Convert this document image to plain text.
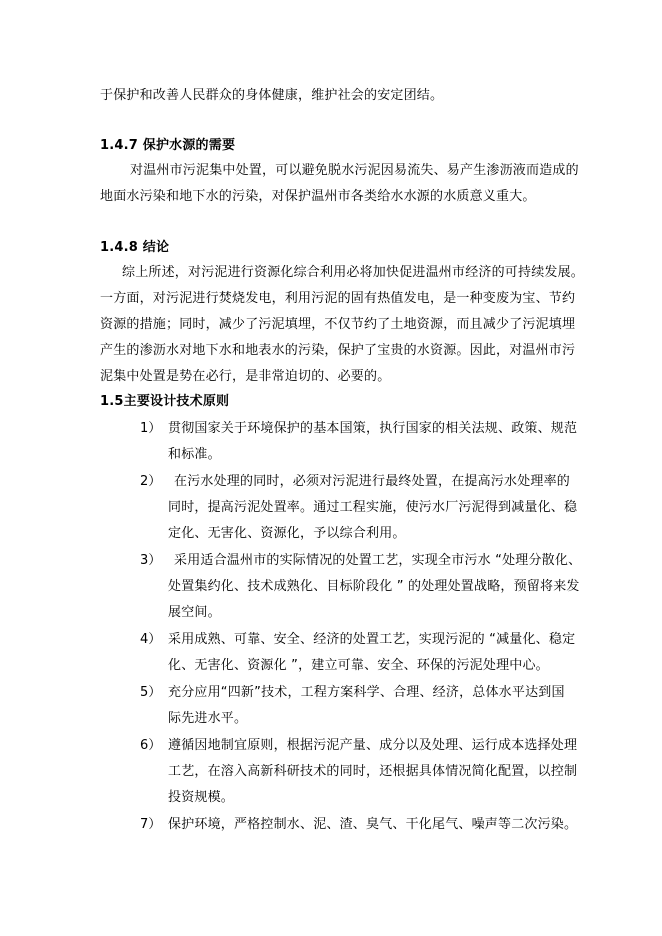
于保护和改善人民群众的身体健康，维护社会的安定团结。
1.4.7 保护水源的需要
对温州市污泥集中处置，可以避免脱水污泥因易流失、易产生渗沥液而造成的
地面水污染和地下水的污染，对保护温州市各类给水水源的水质意义重大。
1.4.8 结论
综上所述，对污泥进行资源化综合利用必将加快促进温州市经济的可持续发展。
一方面，对污泥进行焚烧发电，利用污泥的固有热值发电，是一种变废为宝、节约
资源的措施；同时，减少了污泥填埋，不仅节约了土地资源，而且减少了污泥填埋
产生的渗沥水对地下水和地表水的污染，保护了宝贵的水资源。因此，对温州市污
泥集中处置是势在必行，是非常迫切的、必要的。
1.5主要设计技术原则
1） 贯彻国家关于环境保护的基本国策，执行国家的相关法规、政策、规范
和标准。
2） 在污水处理的同时，必须对污泥进行最终处置，在提高污水处理率的
同时，提高污泥处置率。通过工程实施，使污水厂污泥得到减量化、稳
定化、无害化、资源化，予以综合利用。
3） 采用适合温州市的实际情况的处置工艺，实现全市污水 “处理分散化、
处置集约化、技术成熟化、目标阶段化 ” 的处理处置战略，预留将来发
展空间。
4） 采用成熟、可靠、安全、经济的处置工艺，实现污泥的 “减量化、稳定
化、无害化、资源化 ”，建立可靠、安全、环保的污泥处理中心。
5） 充分应用“四新”技术，工程方案科学、合理、经济，总体水平达到国
际先进水平。
6） 遵循因地制宜原则，根据污泥产量、成分以及处理、运行成本选择处理
工艺，在溶入高新科研技术的同时，还根据具体情况简化配置，以控制
投资规模。
7） 保护环境，严格控制水、泥、渣、臭气、干化尾气、噪声等二次污染。
